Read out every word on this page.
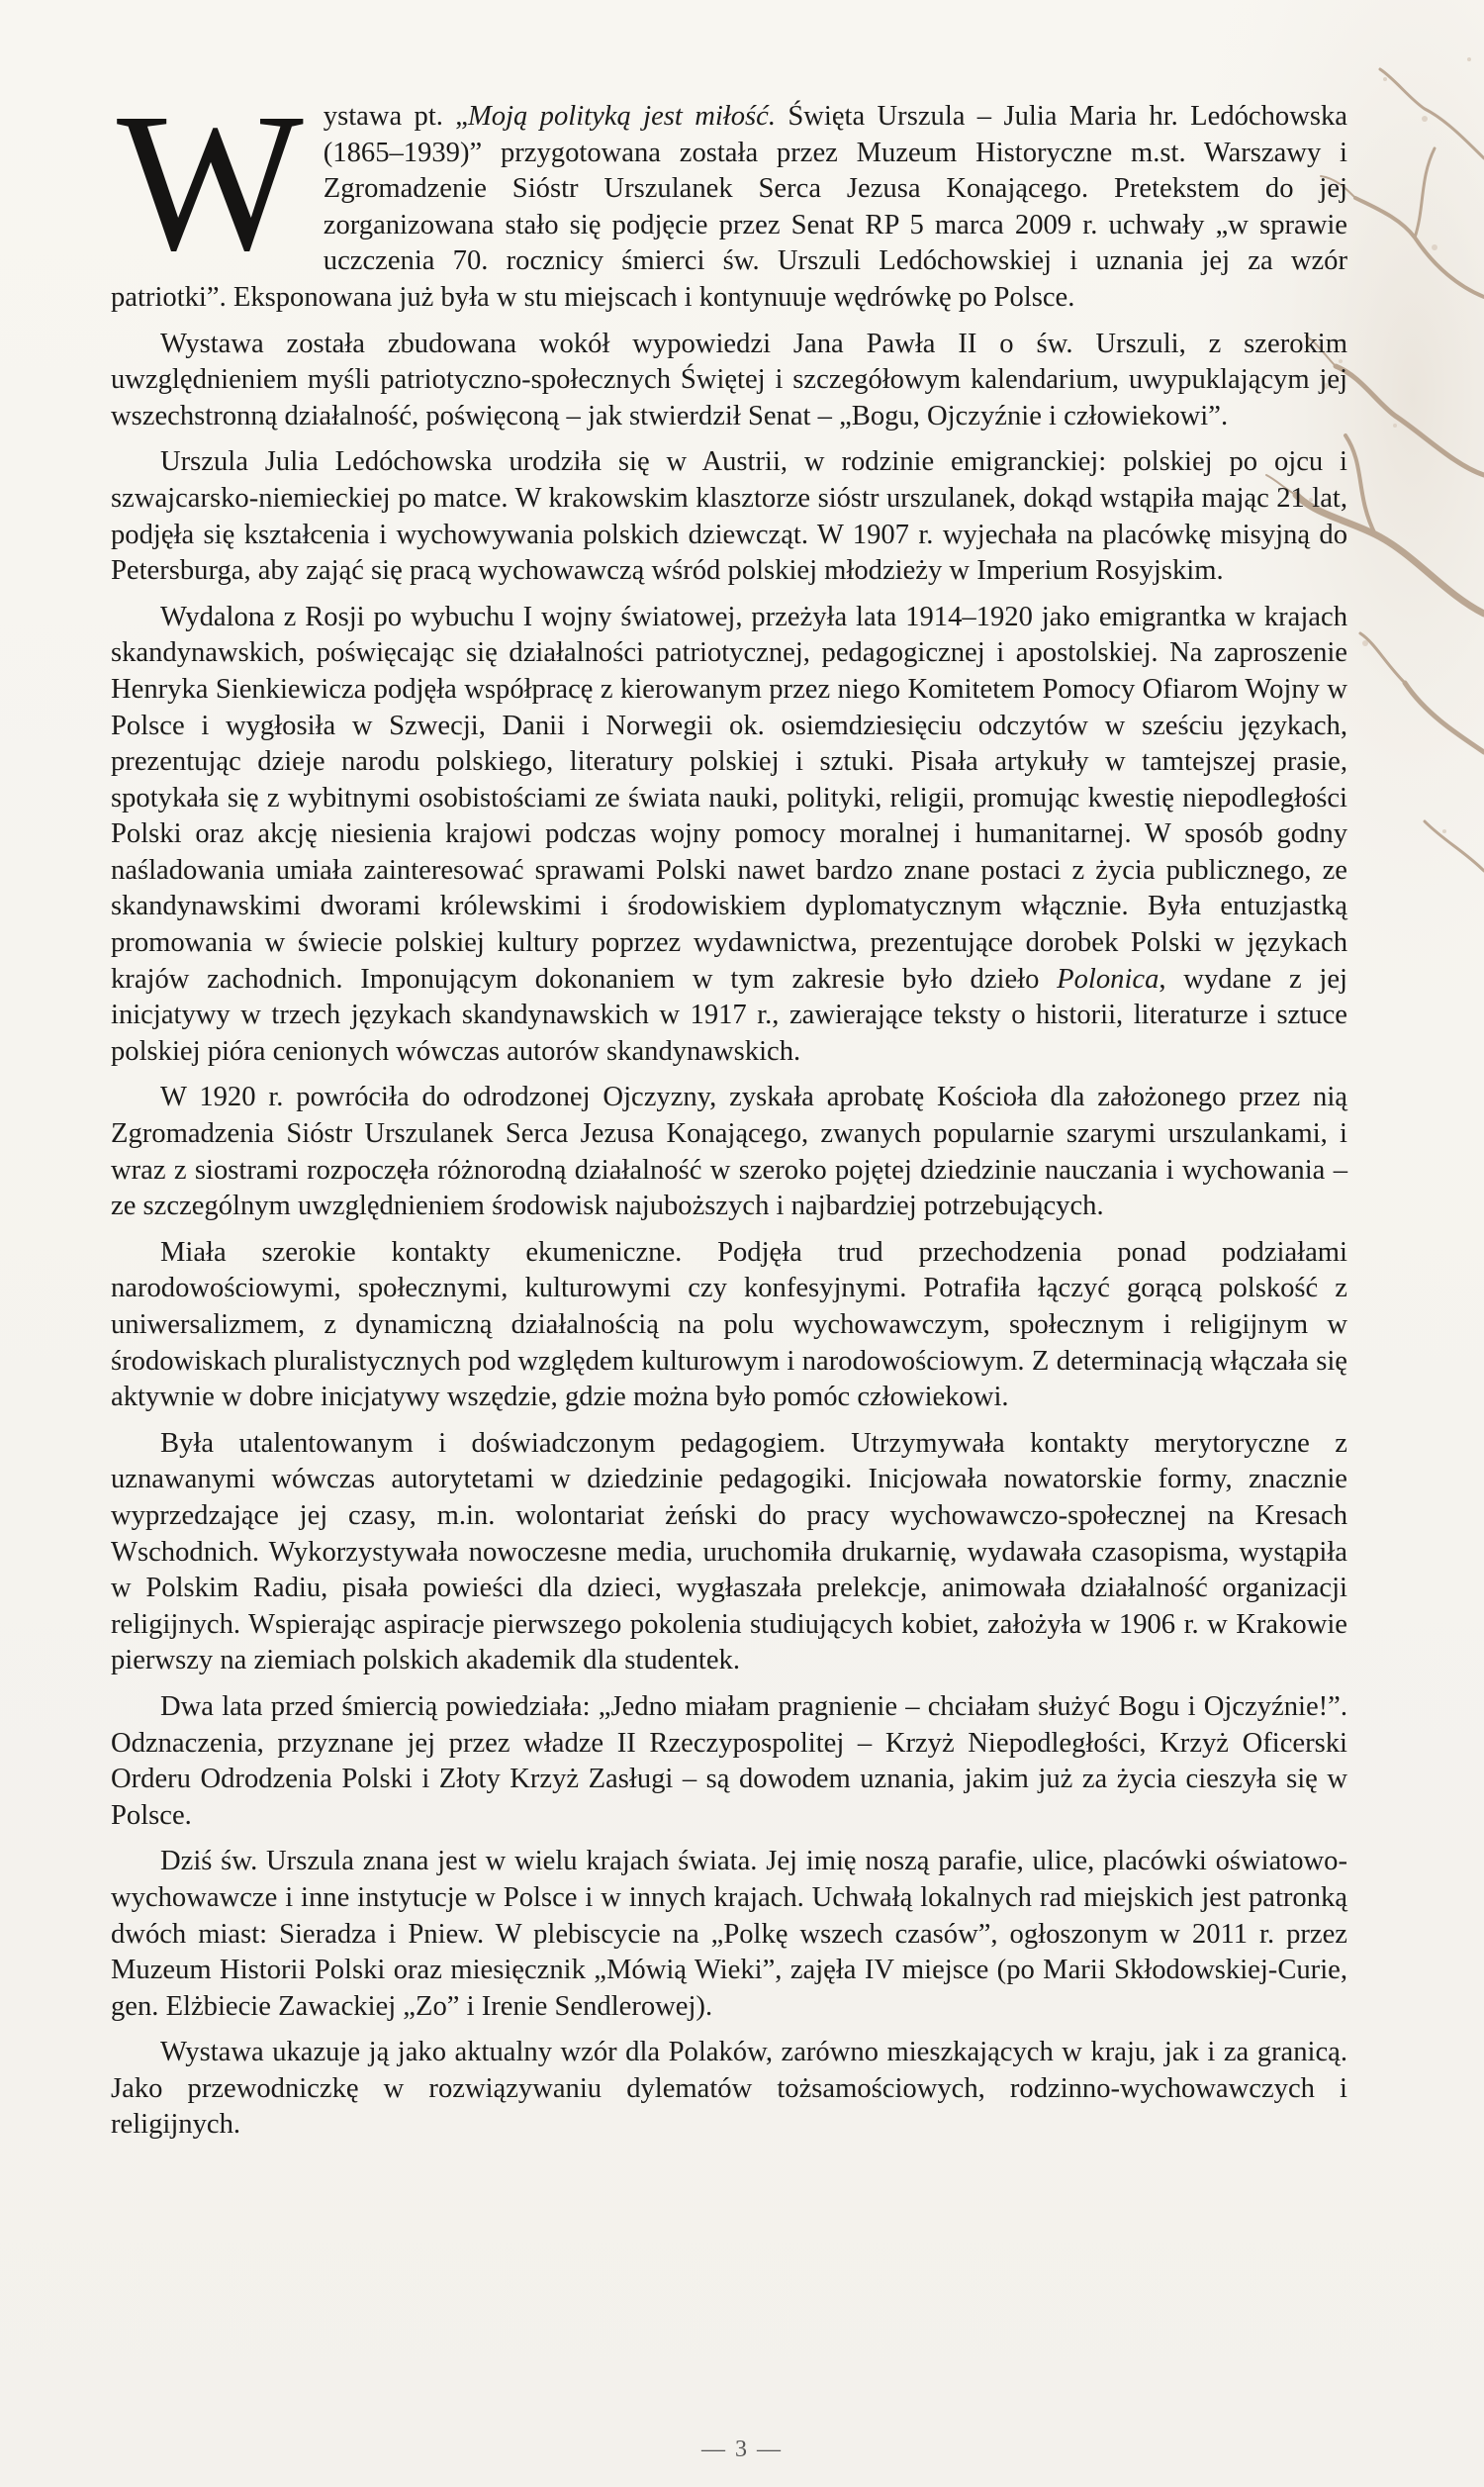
W ystawa pt. „Moją polityką jest miłość. Święta Urszula – Julia Maria hr. Ledóchowska (1865–1939)” przygotowana została przez Muzeum Historyczne m.st. Warszawy i Zgromadzenie Sióstr Urszulanek Serca Jezusa Konającego. Pretekstem do jej zorganizowana stało się podjęcie przez Senat RP 5 marca 2009 r. uchwały „w sprawie uczczenia 70. rocznicy śmierci św. Urszuli Ledóchowskiej i uznania jej za wzór patriotki”. Eksponowana już była w stu miejscach i kontynuuje wędrówkę po Polsce.

Wystawa została zbudowana wokół wypowiedzi Jana Pawła II o św. Urszuli, z szerokim uwzględnieniem myśli patriotyczno-społecznych Świętej i szczegółowym kalendarium, uwypuklającym jej wszechstronną działalność, poświęconą – jak stwierdził Senat – „Bogu, Ojczyźnie i człowiekowi”.

Urszula Julia Ledóchowska urodziła się w Austrii, w rodzinie emigranckiej: polskiej po ojcu i szwajcarsko-niemieckiej po matce. W krakowskim klasztorze sióstr urszulanek, dokąd wstąpiła mając 21 lat, podjęła się kształcenia i wychowywania polskich dziewcząt. W 1907 r. wyjechała na placówkę misyjną do Petersburga, aby zająć się pracą wychowawczą wśród polskiej młodzieży w Imperium Rosyjskim.

Wydalona z Rosji po wybuchu I wojny światowej, przeżyła lata 1914–1920 jako emigrantka w krajach skandynawskich, poświęcając się działalności patriotycznej, pedagogicznej i apostolskiej. Na zaproszenie Henryka Sienkiewicza podjęła współpracę z kierowanym przez niego Komitetem Pomocy Ofiarom Wojny w Polsce i wygłosiła w Szwecji, Danii i Norwegii ok. osiemdziesięciu odczytów w sześciu językach, prezentując dzieje narodu polskiego, literatury polskiej i sztuki. Pisała artykuły w tamtejszej prasie, spotykała się z wybitnymi osobistościami ze świata nauki, polityki, religii, promując kwestię niepodległości Polski oraz akcję niesienia krajowi podczas wojny pomocy moralnej i humanitarnej. W sposób godny naśladowania umiała zainteresować sprawami Polski nawet bardzo znane postaci z życia publicznego, ze skandynawskimi dworami królewskimi i środowiskiem dyplomatycznym włącznie. Była entuzjastką promowania w świecie polskiej kultury poprzez wydawnictwa, prezentujące dorobek Polski w językach krajów zachodnich. Imponującym dokonaniem w tym zakresie było dzieło Polonica, wydane z jej inicjatywy w trzech językach skandynawskich w 1917 r., zawierające teksty o historii, literaturze i sztuce polskiej pióra cenionych wówczas autorów skandynawskich.

W 1920 r. powróciła do odrodzonej Ojczyzny, zyskała aprobatę Kościoła dla założonego przez nią Zgromadzenia Sióstr Urszulanek Serca Jezusa Konającego, zwanych popularnie szarymi urszulankami, i wraz z siostrami rozpoczęła różnorodną działalność w szeroko pojętej dziedzinie nauczania i wychowania – ze szczególnym uwzględnieniem środowisk najuboższych i najbardziej potrzebujących.

Miała szerokie kontakty ekumeniczne. Podjęła trud przechodzenia ponad podziałami narodowościowymi, społecznymi, kulturowymi czy konfesyjnymi. Potrafiła łączyć gorącą polskość z uniwersalizmem, z dynamiczną działalnością na polu wychowawczym, społecznym i religijnym w środowiskach pluralistycznych pod względem kulturowym i narodowościowym. Z determinacją włączała się aktywnie w dobre inicjatywy wszędzie, gdzie można było pomóc człowiekowi.

Była utalentowanym i doświadczonym pedagogiem. Utrzymywała kontakty merytoryczne z uznawanymi wówczas autorytetami w dziedzinie pedagogiki. Inicjowała nowatorskie formy, znacznie wyprzedzające jej czasy, m.in. wolontariat żeński do pracy wychowawczo-społecznej na Kresach Wschodnich. Wykorzystywała nowoczesne media, uruchomiła drukarnię, wydawała czasopisma, wystąpiła w Polskim Radiu, pisała powieści dla dzieci, wygłaszała prelekcje, animowała działalność organizacji religijnych. Wspierając aspiracje pierwszego pokolenia studiujących kobiet, założyła w 1906 r. w Krakowie pierwszy na ziemiach polskich akademik dla studentek.

Dwa lata przed śmiercią powiedziała: „Jedno miałam pragnienie – chciałam służyć Bogu i Ojczyźnie!”. Odznaczenia, przyznane jej przez władze II Rzeczypospolitej – Krzyż Niepodległości, Krzyż Oficerski Orderu Odrodzenia Polski i Złoty Krzyż Zasługi – są dowodem uznania, jakim już za życia cieszyła się w Polsce.

Dziś św. Urszula znana jest w wielu krajach świata. Jej imię noszą parafie, ulice, placówki oświatowo-wychowawcze i inne instytucje w Polsce i w innych krajach. Uchwałą lokalnych rad miejskich jest patronką dwóch miast: Sieradza i Pniew. W plebiscycie na „Polkę wszech czasów”, ogłoszonym w 2011 r. przez Muzeum Historii Polski oraz miesięcznik „Mówią Wieki”, zajęła IV miejsce (po Marii Skłodowskiej-Curie, gen. Elżbiecie Zawackiej „Zo” i Irenie Sendlerowej).

Wystawa ukazuje ją jako aktualny wzór dla Polaków, zarówno mieszkających w kraju, jak i za granicą. Jako przewodniczkę w rozwiązywaniu dylematów tożsamościowych, rodzinno-wychowawczych i religijnych.

— 3 —
